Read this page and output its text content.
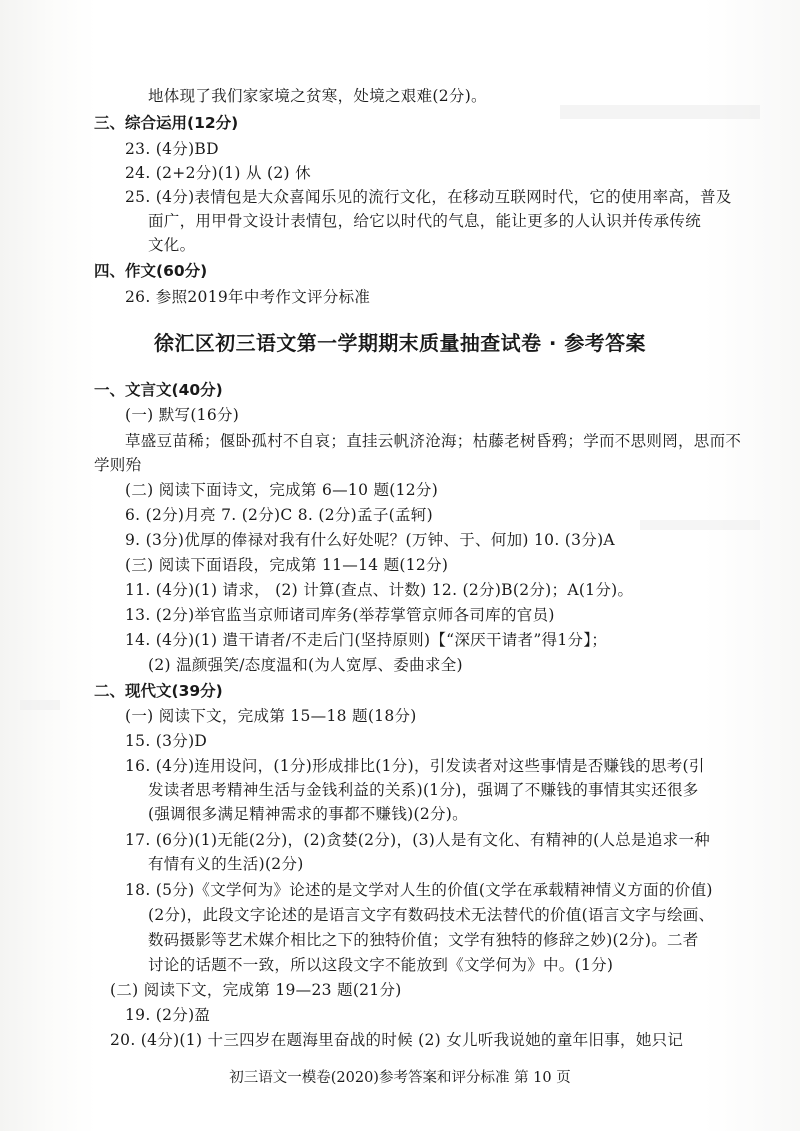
地体现了我们家家境之贫寒，处境之艰难(2分)。
三、综合运用(12分)
23. (4分)BD
24. (2+2分)(1) 从 (2) 休
25. (4分)表情包是大众喜闻乐见的流行文化，在移动互联网时代，它的使用率高，普及
面广，用甲骨文设计表情包，给它以时代的气息，能让更多的人认识并传承传统
文化。
四、作文(60分)
26. 参照2019年中考作文评分标准
徐汇区初三语文第一学期期末质量抽查试卷 · 参考答案
一、文言文(40分)
(一) 默写(16分)
草盛豆苗稀；偃卧孤村不自哀；直挂云帆济沧海；枯藤老树昏鸦；学而不思则罔，思而不
学则殆
(二) 阅读下面诗文，完成第 6—10 题(12分)
6. (2分)月亮 7. (2分)C 8. (2分)孟子(孟轲)
9. (3分)优厚的俸禄对我有什么好处呢？(万钟、于、何加) 10. (3分)A
(三) 阅读下面语段，完成第 11—14 题(12分)
11. (4分)(1) 请求， (2) 计算(查点、计数) 12. (2分)B(2分)；A(1分)。
13. (2分)举官监当京师诸司库务(举荐掌管京师各司库的官员)
14. (4分)(1) 遣干请者/不走后门(坚持原则)【“深厌干请者”得1分】；
(2) 温颜强笑/态度温和(为人宽厚、委曲求全)
二、现代文(39分)
(一) 阅读下文，完成第 15—18 题(18分)
15. (3分)D
16. (4分)连用设问，(1分)形成排比(1分)，引发读者对这些事情是否赚钱的思考(引
发读者思考精神生活与金钱利益的关系)(1分)，强调了不赚钱的事情其实还很多
(强调很多满足精神需求的事都不赚钱)(2分)。
17. (6分)(1)无能(2分)，(2)贪婪(2分)，(3)人是有文化、有精神的(人总是追求一种
有情有义的生活)(2分)
18. (5分)《文学何为》论述的是文学对人生的价值(文学在承载精神情义方面的价值)
(2分)，此段文字论述的是语言文字有数码技术无法替代的价值(语言文字与绘画、
数码摄影等艺术媒介相比之下的独特价值；文学有独特的修辞之妙)(2分)。二者
讨论的话题不一致，所以这段文字不能放到《文学何为》中。(1分)
(二) 阅读下文，完成第 19—23 题(21分)
19. (2分)盈
20. (4分)(1) 十三四岁在题海里奋战的时候 (2) 女儿听我说她的童年旧事，她只记
初三语文一模卷(2020)参考答案和评分标准 第 10 页
